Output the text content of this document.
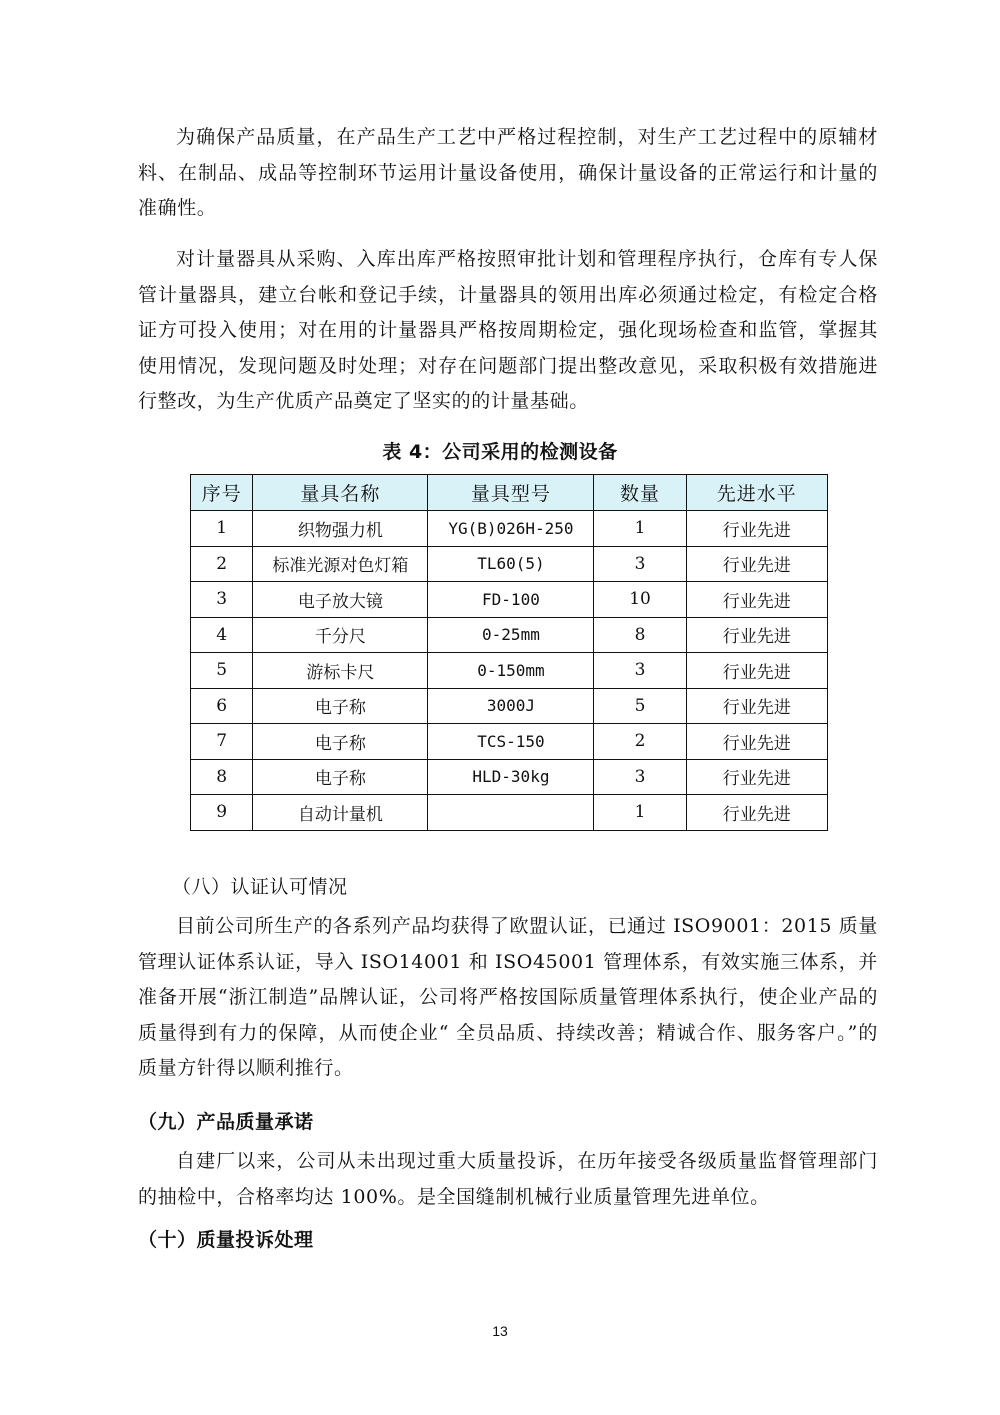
为确保产品质量，在产品生产工艺中严格过程控制，对生产工艺过程中的原辅材料、在制品、成品等控制环节运用计量设备使用，确保计量设备的正常运行和计量的准确性。

对计量器具从采购、入库出库严格按照审批计划和管理程序执行，仓库有专人保管计量器具，建立台帐和登记手续，计量器具的领用出库必须通过检定，有检定合格证方可投入使用；对在用的计量器具严格按周期检定，强化现场检查和监管，掌握其使用情况，发现问题及时处理；对存在问题部门提出整改意见，采取积极有效措施进行整改，为生产优质产品奠定了坚实的的计量基础。

表 4：公司采用的检测设备
序号	量具名称	量具型号	数量	先进水平
1	织物强力机	YG(B)026H-250	1	行业先进
2	标准光源对色灯箱	TL60(5)	3	行业先进
3	电子放大镜	FD-100	10	行业先进
4	千分尺	0-25mm	8	行业先进
5	游标卡尺	0-150mm	3	行业先进
6	电子称	3000J	5	行业先进
7	电子称	TCS-150	2	行业先进
8	电子称	HLD-30kg	3	行业先进
9	自动计量机		1	行业先进

（八）认证认可情况

目前公司所生产的各系列产品均获得了欧盟认证，已通过 ISO9001：2015 质量管理认证体系认证，导入 ISO14001 和 ISO45001 管理体系，有效实施三体系，并准备开展“浙江制造”品牌认证，公司将严格按国际质量管理体系执行，使企业产品的质量得到有力的保障，从而使企业“ 全员品质、持续改善；精诚合作、服务客户。”的质量方针得以顺利推行。

（九）产品质量承诺

自建厂以来，公司从未出现过重大质量投诉，在历年接受各级质量监督管理部门的抽检中，合格率均达 100%。是全国缝制机械行业质量管理先进单位。

（十）质量投诉处理

13
